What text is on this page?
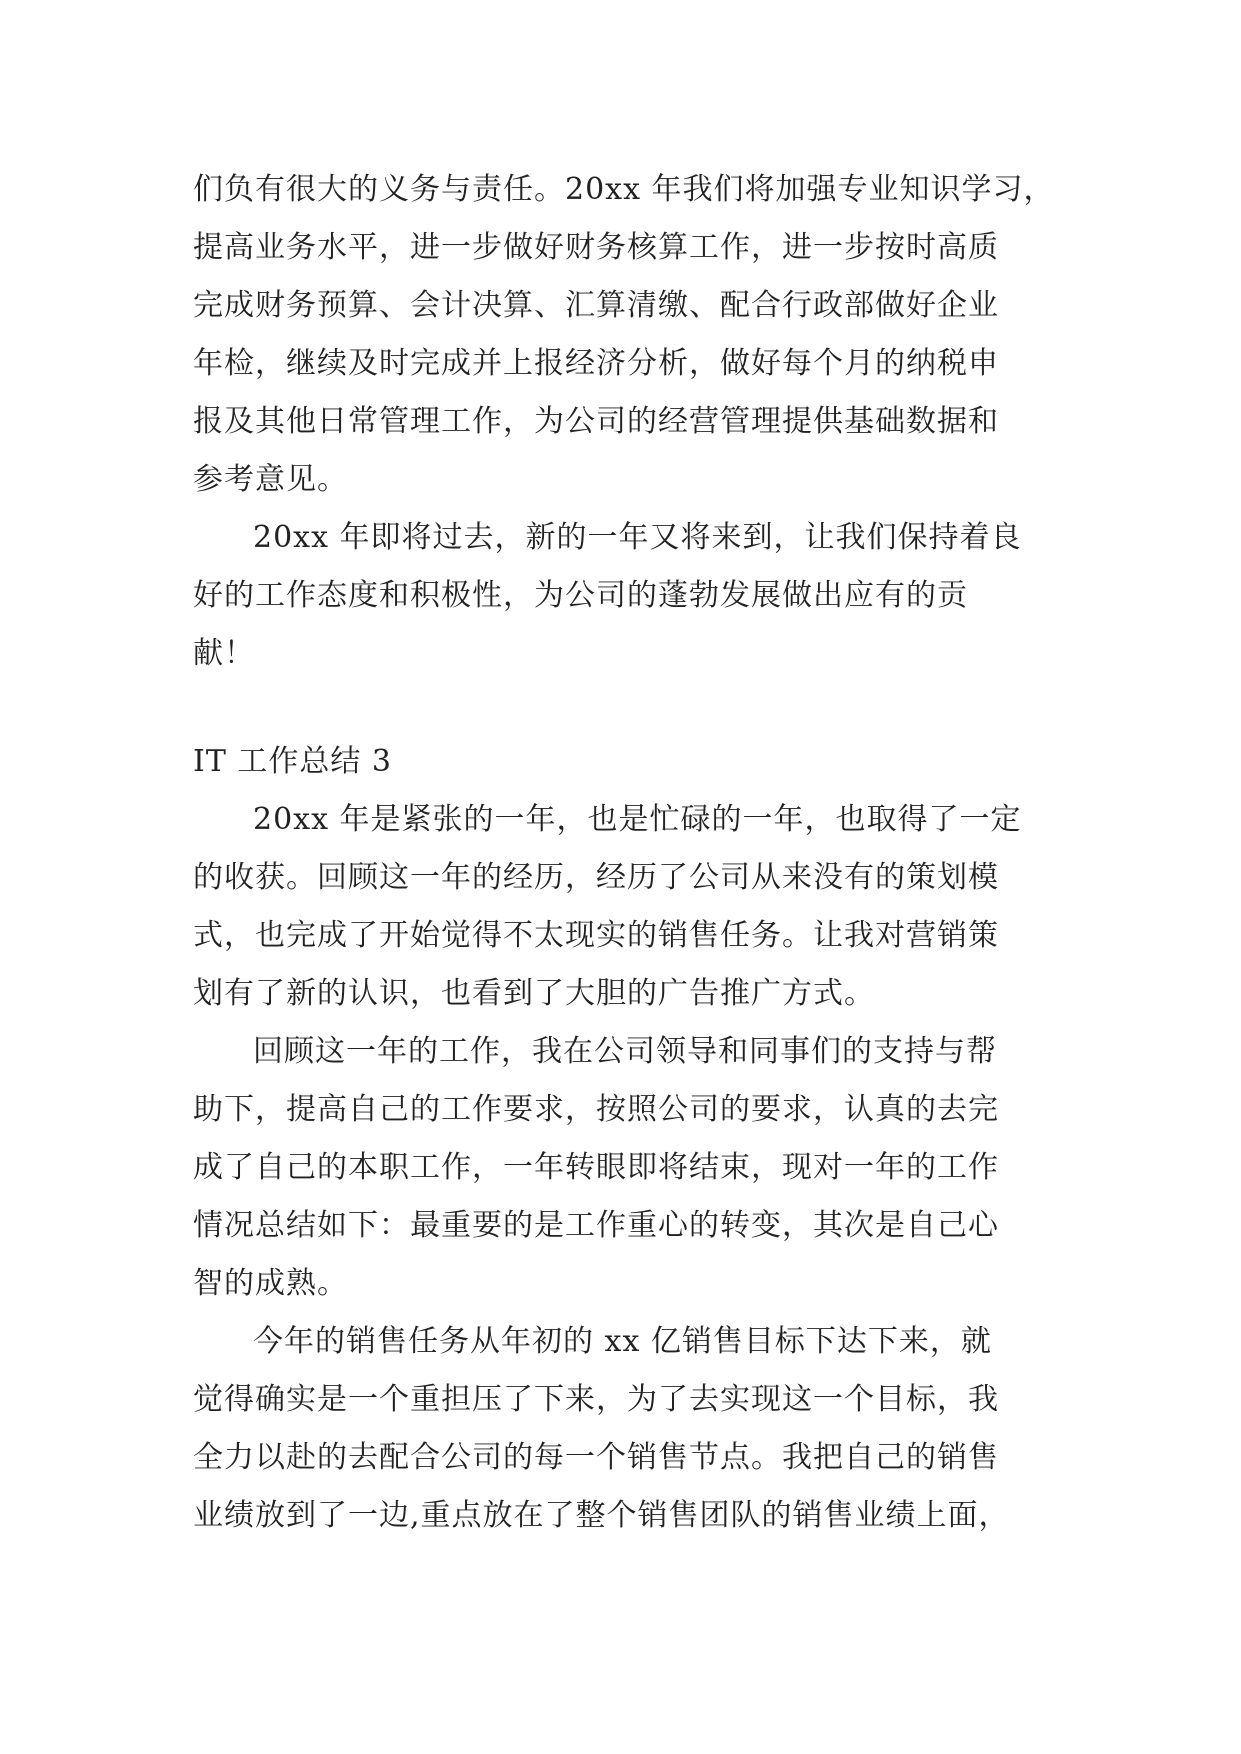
们负有很大的义务与责任。20xx 年我们将加强专业知识学习，
提高业务水平，进一步做好财务核算工作，进一步按时高质
完成财务预算、会计决算、汇算清缴、配合行政部做好企业
年检，继续及时完成并上报经济分析，做好每个月的纳税申
报及其他日常管理工作，为公司的经营管理提供基础数据和
参考意见。
20xx 年即将过去，新的一年又将来到，让我们保持着良
好的工作态度和积极性，为公司的蓬勃发展做出应有的贡
献！
IT 工作总结 3
20xx 年是紧张的一年，也是忙碌的一年，也取得了一定
的收获。回顾这一年的经历，经历了公司从来没有的策划模
式，也完成了开始觉得不太现实的销售任务。让我对营销策
划有了新的认识，也看到了大胆的广告推广方式。
回顾这一年的工作，我在公司领导和同事们的支持与帮
助下，提高自己的工作要求，按照公司的要求，认真的去完
成了自己的本职工作，一年转眼即将结束，现对一年的工作
情况总结如下：最重要的是工作重心的转变，其次是自己心
智的成熟。
今年的销售任务从年初的 xx 亿销售目标下达下来，就
觉得确实是一个重担压了下来，为了去实现这一个目标，我
全力以赴的去配合公司的每一个销售节点。我把自己的销售
业绩放到了一边,重点放在了整个销售团队的销售业绩上面，
